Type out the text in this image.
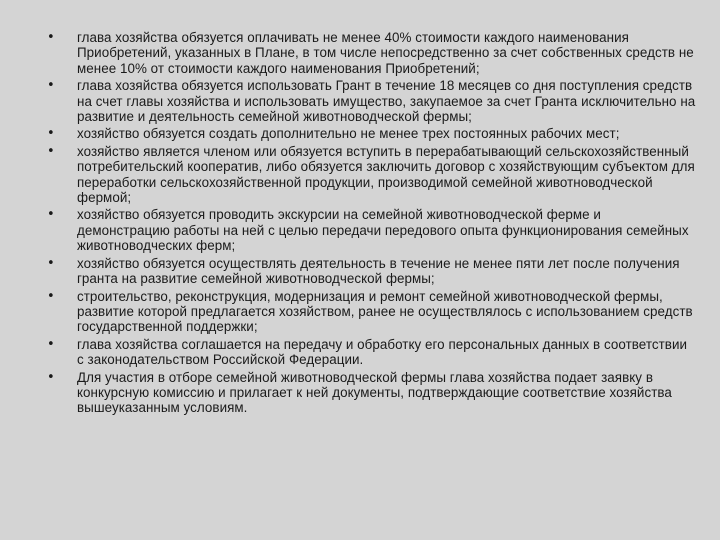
• глава хозяйства обязуется оплачивать не менее 40% стоимости каждого наименования Приобретений, указанных в Плане, в том числе непосредственно за счет собственных средств не менее 10% от стоимости каждого наименования Приобретений;
• глава хозяйства обязуется использовать Грант в течение 18 месяцев со дня поступления средств на счет главы хозяйства и использовать имущество, закупаемое за счет Гранта исключительно на развитие и деятельность семейной животноводческой фермы;
• хозяйство обязуется создать дополнительно не менее трех постоянных рабочих мест;
• хозяйство является членом или обязуется вступить в перерабатывающий сельскохозяйственный потребительский кооператив, либо обязуется заключить договор с хозяйствующим субъектом для переработки сельскохозяйственной продукции, производимой семейной животноводческой фермой;
• хозяйство обязуется проводить экскурсии на семейной животноводческой ферме и демонстрацию работы на ней с целью передачи передового опыта функционирования семейных животноводческих ферм;
• хозяйство обязуется осуществлять деятельность в течение не менее пяти лет после получения гранта на развитие семейной животноводческой фермы;
• строительство, реконструкция, модернизация и ремонт семейной животноводческой фермы, развитие которой предлагается хозяйством, ранее не осуществлялось с использованием средств государственной поддержки;
• глава хозяйства соглашается на передачу и обработку его персональных данных в соответствии с законодательством Российской Федерации.
• Для участия в отборе семейной животноводческой фермы глава хозяйства подает заявку в конкурсную комиссию и прилагает к ней документы, подтверждающие соответствие хозяйства вышеуказанным условиям.
